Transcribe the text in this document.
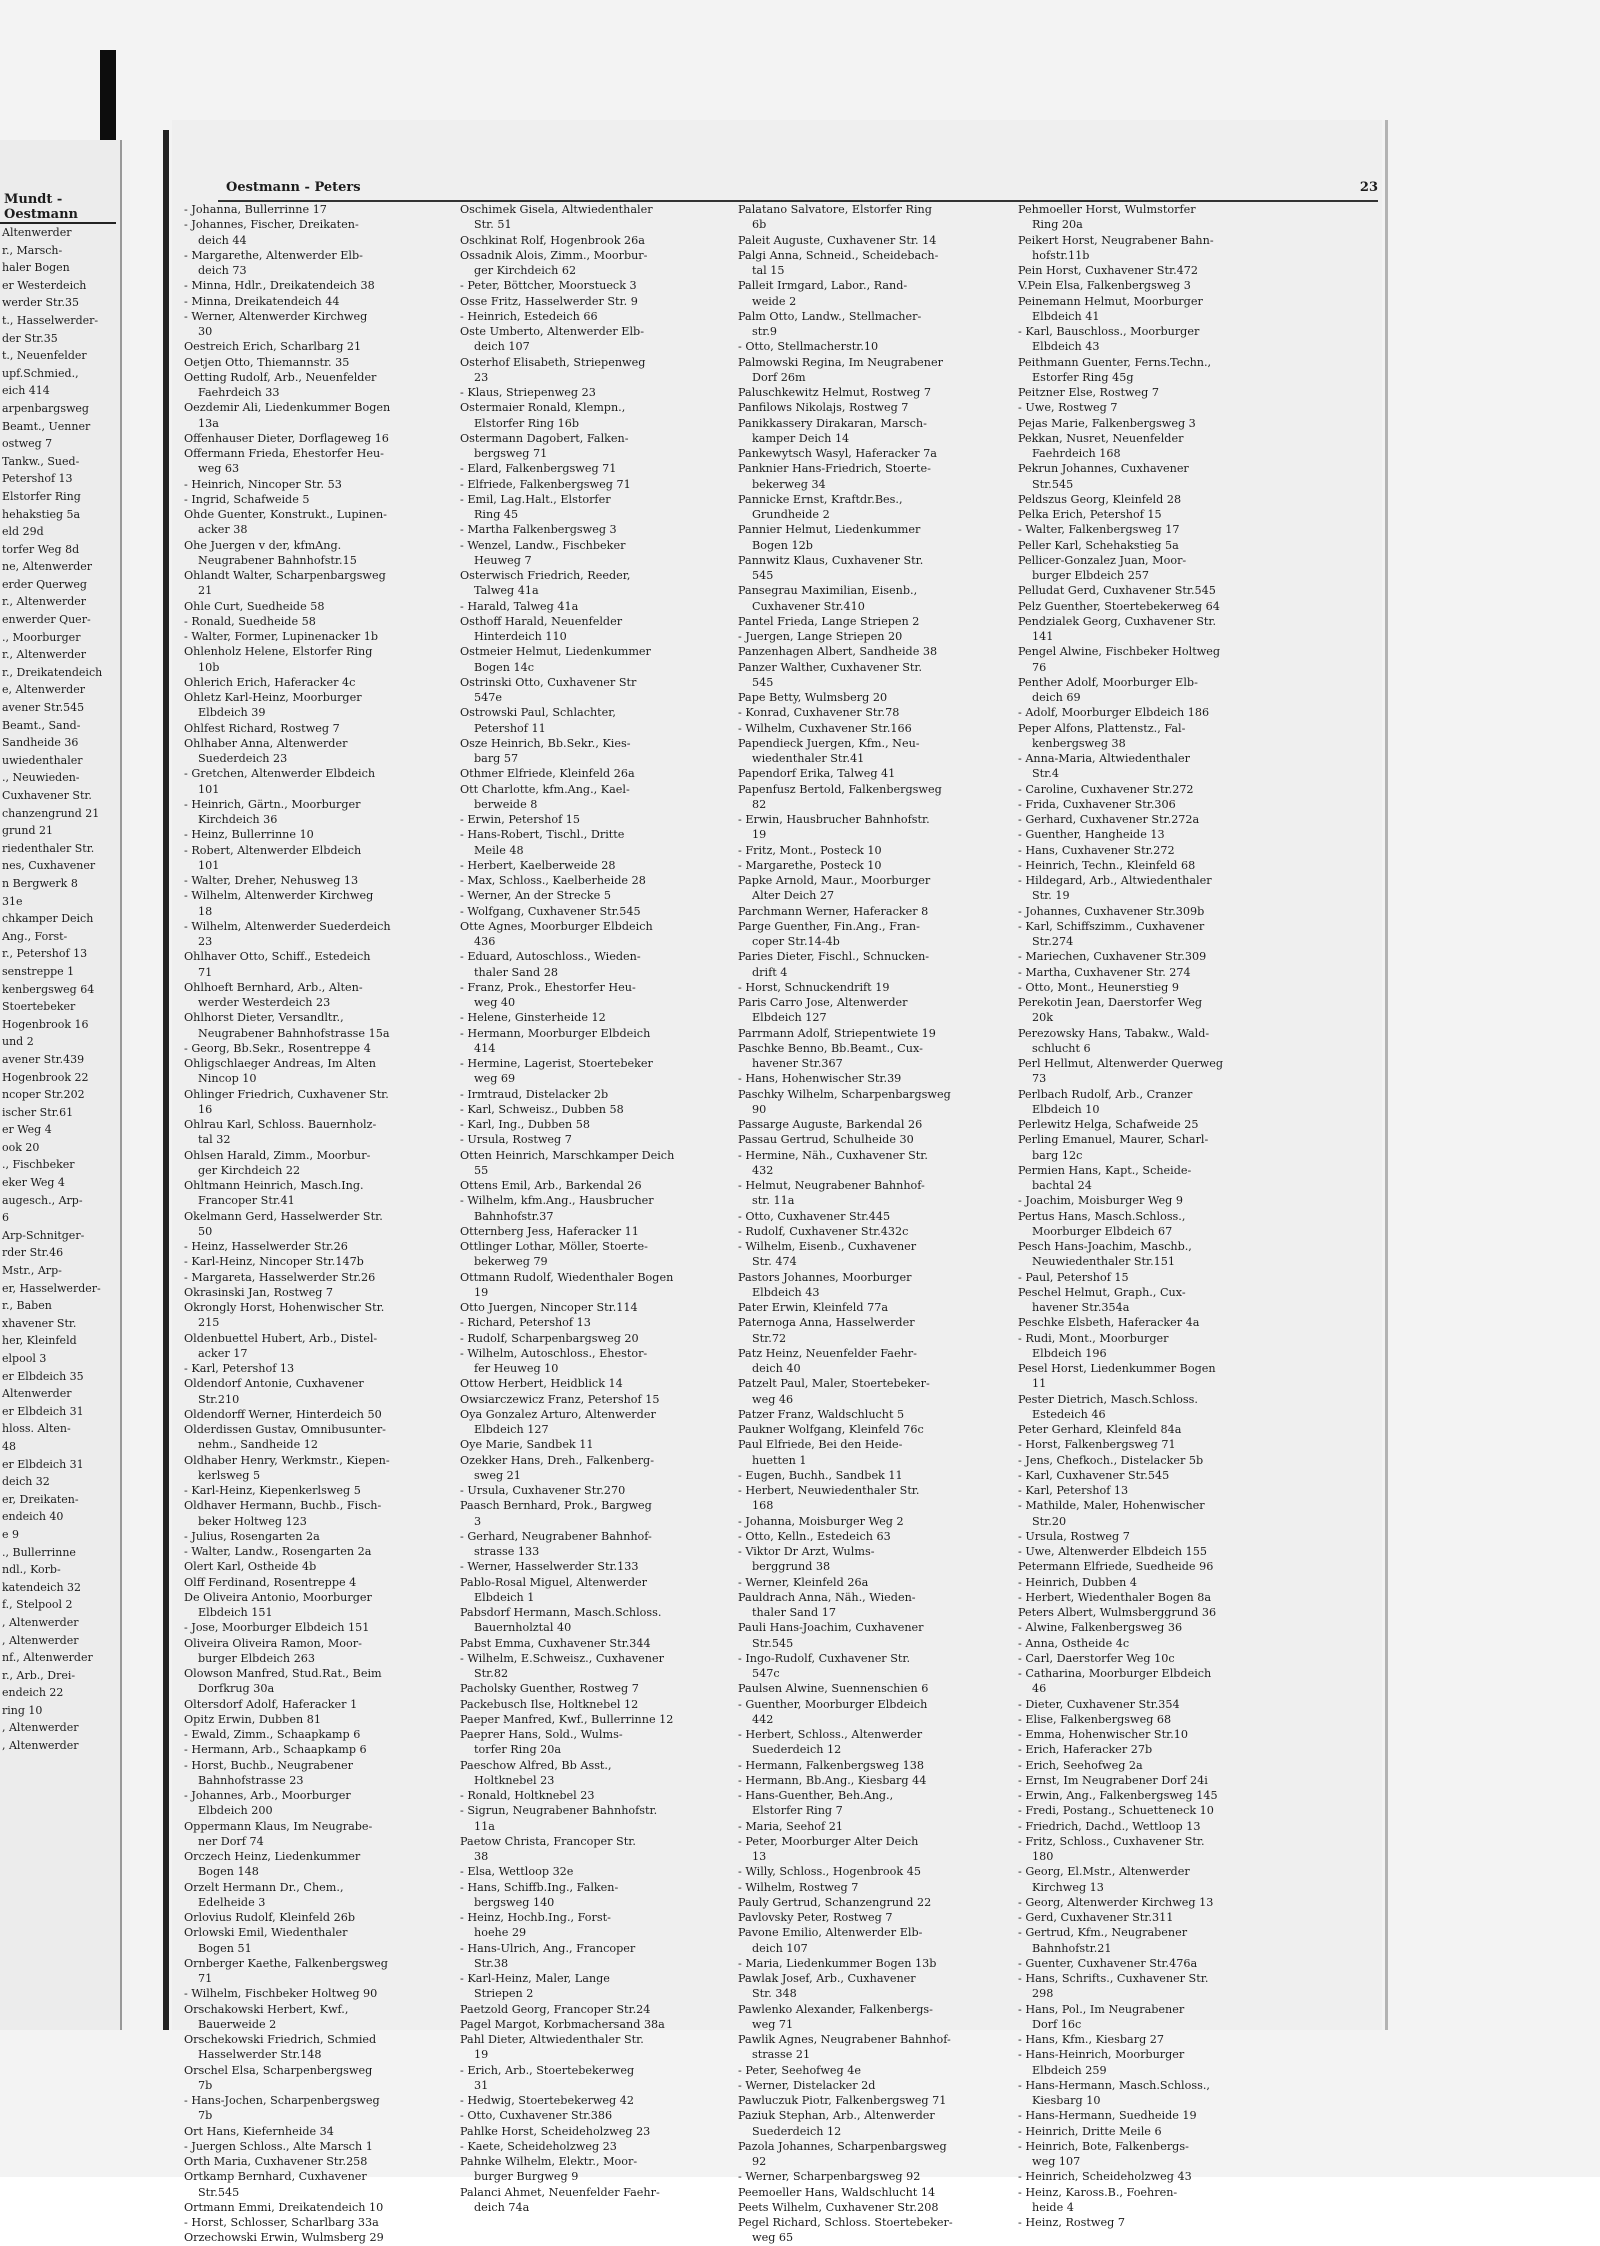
Mundt - Oestmann
Altenwerder
r., Marsch-
haler Bogen
er Westerdeich
werder Str.35
t., Hasselwerder-
der Str.35
t., Neuenfelder
upf.Schmied.,
eich 414
arpenbargsweg
Beamt., Uenner
ostweg 7
Tankw., Sued-
Petershof 13
Elstorfer Ring
hehakstieg 5a
eld 29d
torfer Weg 8d
ne, Altenwerder
erder Querweg
r., Altenwerder
enwerder Quer-
., Moorburger
r., Altenwerder
r., Dreikatendeich
e, Altenwerder
avener Str.545
Beamt., Sand-
Sandheide 36
uwiedenthaler
., Neuwieden-
Cuxhavener Str.
chanzengrund 21
grund 21
riedenthaler Str.
nes, Cuxhavener
n Bergwerk 8
31e
chkamper Deich
Ang., Forst-
r., Petershof 13
senstreppe 1
kenbergsweg 64
Stoertebeker
Hogenbrook 16
und 2
avener Str.439
Hogenbrook 22
ncoper Str.202
ischer Str.61
er Weg 4
ook 20
., Fischbeker
eker Weg 4
augesch., Arp-
6
Arp-Schnitger-
rder Str.46
Mstr., Arp-
er, Hasselwerder-
r., Baben
xhavener Str.
her, Kleinfeld
elpool 3
er Elbdeich 35
Altenwerder
er Elbdeich 31
hloss. Alten-
48
er Elbdeich 31
deich 32
er, Dreikaten-
endeich 40
e 9
., Bullerrinne
ndl., Korb-
katendeich 32
f., Stelpool 2
, Altenwerder
, Altenwerder
nf., Altenwerder
r., Arb., Drei-
endeich 22
ring 10
, Altenwerder
, Altenwerder
Oestmann - Peters	23
- Johanna, Bullerrinne 17
- Johannes, Fischer, Dreikaten-
deich 44
- Margarethe, Altenwerder Elb-
deich 73
- Minna, Hdlr., Dreikatendeich 38
- Minna, Dreikatendeich 44
- Werner, Altenwerder Kirchweg
30
Oestreich Erich, Scharlbarg 21
Oetjen Otto, Thiemannstr. 35
Oetting Rudolf, Arb., Neuenfelder
Faehrdeich 33
Oezdemir Ali, Liedenkummer Bogen
13a
Offenhauser Dieter, Dorflageweg 16
Offermann Frieda, Ehestorfer Heu-
weg 63
- Heinrich, Nincoper Str. 53
- Ingrid, Schafweide 5
Ohde Guenter, Konstrukt., Lupinen-
acker 38
Ohe Juergen v der, kfmAng.
Neugrabener Bahnhofstr.15
Ohlandt Walter, Scharpenbargsweg
21
Ohle Curt, Suedheide 58
- Ronald, Suedheide 58
- Walter, Former, Lupinenacker 1b
Ohlenholz Helene, Elstorfer Ring
10b
Ohlerich Erich, Haferacker 4c
Ohletz Karl-Heinz, Moorburger
Elbdeich 39
Ohlfest Richard, Rostweg 7
Ohlhaber Anna, Altenwerder
Suederdeich 23
- Gretchen, Altenwerder Elbdeich
101
- Heinrich, Gärtn., Moorburger
Kirchdeich 36
- Heinz, Bullerrinne 10
- Robert, Altenwerder Elbdeich
101
- Walter, Dreher, Nehusweg 13
- Wilhelm, Altenwerder Kirchweg
18
- Wilhelm, Altenwerder Suederdeich
23
Ohlhaver Otto, Schiff., Estedeich
71
Ohlhoeft Bernhard, Arb., Alten-
werder Westerdeich 23
Ohlhorst Dieter, Versandltr.,
Neugrabener Bahnhofstrasse 15a
- Georg, Bb.Sekr., Rosentreppe 4
Ohligschlaeger Andreas, Im Alten
Nincop 10
Ohlinger Friedrich, Cuxhavener Str.
16
Ohlrau Karl, Schloss. Bauernholz-
tal 32
Ohlsen Harald, Zimm., Moorbur-
ger Kirchdeich 22
Ohltmann Heinrich, Masch.Ing.
Francoper Str.41
Okelmann Gerd, Hasselwerder Str.
50
- Heinz, Hasselwerder Str.26
- Karl-Heinz, Nincoper Str.147b
- Margareta, Hasselwerder Str.26
Okrasinski Jan, Rostweg 7
Okrongly Horst, Hohenwischer Str.
215
Oldenbuettel Hubert, Arb., Distel-
acker 17
- Karl, Petershof 13
Oldendorf Antonie, Cuxhavener
Str.210
Oldendorff Werner, Hinterdeich 50
Olderdissen Gustav, Omnibusunter-
nehm., Sandheide 12
Oldhaber Henry, Werkmstr., Kiepen-
kerlsweg 5
- Karl-Heinz, Kiepenkerlsweg 5
Oldhaver Hermann, Buchb., Fisch-
beker Holtweg 123
- Julius, Rosengarten 2a
- Walter, Landw., Rosengarten 2a
Olert Karl, Ostheide 4b
Olff Ferdinand, Rosentreppe 4
De Oliveira Antonio, Moorburger
Elbdeich 151
- Jose, Moorburger Elbdeich 151
Oliveira Oliveira Ramon, Moor-
burger Elbdeich 263
Olowson Manfred, Stud.Rat., Beim
Dorfkrug 30a
Oltersdorf Adolf, Haferacker 1
Opitz Erwin, Dubben 81
- Ewald, Zimm., Schaapkamp 6
- Hermann, Arb., Schaapkamp 6
- Horst, Buchb., Neugrabener
Bahnhofstrasse 23
- Johannes, Arb., Moorburger
Elbdeich 200
Oppermann Klaus, Im Neugrabe-
ner Dorf 74
Orczech Heinz, Liedenkummer
Bogen 148
Orzelt Hermann Dr., Chem.,
Edelheide 3
Orlovius Rudolf, Kleinfeld 26b
Orlowski Emil, Wiedenthaler
Bogen 51
Ornberger Kaethe, Falkenbergsweg
71
- Wilhelm, Fischbeker Holtweg 90
Orschakowski Herbert, Kwf.,
Bauerweide 2
Orschekowski Friedrich, Schmied
Hasselwerder Str.148
Orschel Elsa, Scharpenbergsweg
7b
- Hans-Jochen, Scharpenbergsweg
7b
Ort Hans, Kiefernheide 34
- Juergen Schloss., Alte Marsch 1
Orth Maria, Cuxhavener Str.258
Ortkamp Bernhard, Cuxhavener
Str.545
Ortmann Emmi, Dreikatendeich 10
- Horst, Schlosser, Scharlbarg 33a
Orzechowski Erwin, Wulmsberg 29
Oschimek Gisela, Altwiedenthaler
Str. 51
Oschkinat Rolf, Hogenbrook 26a
Ossadnik Alois, Zimm., Moorbur-
ger Kirchdeich 62
- Peter, Böttcher, Moorstueck 3
Osse Fritz, Hasselwerder Str. 9
- Heinrich, Estedeich 66
Oste Umberto, Altenwerder Elb-
deich 107
Osterhof Elisabeth, Striepenweg
23
- Klaus, Striepenweg 23
Ostermaier Ronald, Klempn.,
Elstorfer Ring 16b
Ostermann Dagobert, Falken-
bergsweg 71
- Elard, Falkenbergsweg 71
- Elfriede, Falkenbergsweg 71
- Emil, Lag.Halt., Elstorfer
Ring 45
- Martha Falkenbergsweg 3
- Wenzel, Landw., Fischbeker
Heuweg 7
Osterwisch Friedrich, Reeder,
Talweg 41a
- Harald, Talweg 41a
Osthoff Harald, Neuenfelder
Hinterdeich 110
Ostmeier Helmut, Liedenkummer
Bogen 14c
Ostrinski Otto, Cuxhavener Str
547e
Ostrowski Paul, Schlachter,
Petershof 11
Osze Heinrich, Bb.Sekr., Kies-
barg 57
Othmer Elfriede, Kleinfeld 26a
Ott Charlotte, kfm.Ang., Kael-
berweide 8
- Erwin, Petershof 15
- Hans-Robert, Tischl., Dritte
Meile 48
- Herbert, Kaelberweide 28
- Max, Schloss., Kaelberheide 28
- Werner, An der Strecke 5
- Wolfgang, Cuxhavener Str.545
Otte Agnes, Moorburger Elbdeich
436
- Eduard, Autoschloss., Wieden-
thaler Sand 28
- Franz, Prok., Ehestorfer Heu-
weg 40
- Helene, Ginsterheide 12
- Hermann, Moorburger Elbdeich
414
- Hermine, Lagerist, Stoertebeker
weg 69
- Irmtraud, Distelacker 2b
- Karl, Schweisz., Dubben 58
- Karl, Ing., Dubben 58
- Ursula, Rostweg 7
Otten Heinrich, Marschkamper Deich
55
Ottens Emil, Arb., Barkendal 26
- Wilhelm, kfm.Ang., Hausbrucher
Bahnhofstr.37
Otternberg Jess, Haferacker 11
Ottlinger Lothar, Möller, Stoerte-
bekerweg 79
Ottmann Rudolf, Wiedenthaler Bogen
19
Otto Juergen, Nincoper Str.114
- Richard, Petershof 13
- Rudolf, Scharpenbargsweg 20
- Wilhelm, Autoschloss., Ehestor-
fer Heuweg 10
Ottow Herbert, Heidblick 14
Owsiarczewicz Franz, Petershof 15
Oya Gonzalez Arturo, Altenwerder
Elbdeich 127
Oye Marie, Sandbek 11
Ozekker Hans, Dreh., Falkenberg-
sweg 21
- Ursula, Cuxhavener Str.270
Paasch Bernhard, Prok., Bargweg
3
- Gerhard, Neugrabener Bahnhof-
strasse 133
- Werner, Hasselwerder Str.133
Pablo-Rosal Miguel, Altenwerder
Elbdeich 1
Pabsdorf Hermann, Masch.Schloss.
Bauernholztal 40
Pabst Emma, Cuxhavener Str.344
- Wilhelm, E.Schweisz., Cuxhavener
Str.82
Pacholsky Guenther, Rostweg 7
Packebusch Ilse, Holtknebel 12
Paeper Manfred, Kwf., Bullerrinne 12
Paeprer Hans, Sold., Wulms-
torfer Ring 20a
Paeschow Alfred, Bb Asst.,
Holtknebel 23
- Ronald, Holtknebel 23
- Sigrun, Neugrabener Bahnhofstr.
11a
Paetow Christa, Francoper Str.
38
- Elsa, Wettloop 32e
- Hans, Schiffb.Ing., Falken-
bergsweg 140
- Heinz, Hochb.Ing., Forst-
hoehe 29
- Hans-Ulrich, Ang., Francoper
Str.38
- Karl-Heinz, Maler, Lange
Striepen 2
Paetzold Georg, Francoper Str.24
Pagel Margot, Korbmachersand 38a
Pahl Dieter, Altwiedenthaler Str.
19
- Erich, Arb., Stoertebekerweg
31
- Hedwig, Stoertebekerweg 42
- Otto, Cuxhavener Str.386
Pahlke Horst, Scheideholzweg 23
- Kaete, Scheideholzweg 23
Pahnke Wilhelm, Elektr., Moor-
burger Burgweg 9
Palanci Ahmet, Neuenfelder Faehr-
deich 74a
Palatano Salvatore, Elstorfer Ring
6b
Paleit Auguste, Cuxhavener Str. 14
Palgi Anna, Schneid., Scheidebach-
tal 15
Palleit Irmgard, Labor., Rand-
weide 2
Palm Otto, Landw., Stellmacher-
str.9
- Otto, Stellmacherstr.10
Palmowski Regina, Im Neugrabener
Dorf 26m
Paluschkewitz Helmut, Rostweg 7
Panfilows Nikolajs, Rostweg 7
Panikkassery Dirakaran, Marsch-
kamper Deich 14
Pankewytsch Wasyl, Haferacker 7a
Panknier Hans-Friedrich, Stoerte-
bekerweg 34
Pannicke Ernst, Kraftdr.Bes.,
Grundheide 2
Pannier Helmut, Liedenkummer
Bogen 12b
Pannwitz Klaus, Cuxhavener Str.
545
Pansegrau Maximilian, Eisenb.,
Cuxhavener Str.410
Pantel Frieda, Lange Striepen 2
- Juergen, Lange Striepen 20
Panzenhagen Albert, Sandheide 38
Panzer Walther, Cuxhavener Str.
545
Pape Betty, Wulmsberg 20
- Konrad, Cuxhavener Str.78
- Wilhelm, Cuxhavener Str.166
Papendieck Juergen, Kfm., Neu-
wiedenthaler Str.41
Papendorf Erika, Talweg 41
Papenfusz Bertold, Falkenbergsweg
82
- Erwin, Hausbrucher Bahnhofstr.
19
- Fritz, Mont., Posteck 10
- Margarethe, Posteck 10
Papke Arnold, Maur., Moorburger
Alter Deich 27
Parchmann Werner, Haferacker 8
Parge Guenther, Fin.Ang., Fran-
coper Str.14-4b
Paries Dieter, Fischl., Schnucken-
drift 4
- Horst, Schnuckendrift 19
Paris Carro Jose, Altenwerder
Elbdeich 127
Parrmann Adolf, Striepentwiete 19
Paschke Benno, Bb.Beamt., Cux-
havener Str.367
- Hans, Hohenwischer Str.39
Paschky Wilhelm, Scharpenbargsweg
90
Passarge Auguste, Barkendal 26
Passau Gertrud, Schulheide 30
- Hermine, Näh., Cuxhavener Str.
432
- Helmut, Neugrabener Bahnhof-
str. 11a
- Otto, Cuxhavener Str.445
- Rudolf, Cuxhavener Str.432c
- Wilhelm, Eisenb., Cuxhavener
Str. 474
Pastors Johannes, Moorburger
Elbdeich 43
Pater Erwin, Kleinfeld 77a
Paternoga Anna, Hasselwerder
Str.72
Patz Heinz, Neuenfelder Faehr-
deich 40
Patzelt Paul, Maler, Stoertebeker-
weg 46
Patzer Franz, Waldschlucht 5
Paukner Wolfgang, Kleinfeld 76c
Paul Elfriede, Bei den Heide-
huetten 1
- Eugen, Buchh., Sandbek 11
- Herbert, Neuwiedenthaler Str.
168
- Johanna, Moisburger Weg 2
- Otto, Kelln., Estedeich 63
- Viktor Dr Arzt, Wulms-
berggrund 38
- Werner, Kleinfeld 26a
Pauldrach Anna, Näh., Wieden-
thaler Sand 17
Pauli Hans-Joachim, Cuxhavener
Str.545
- Ingo-Rudolf, Cuxhavener Str.
547c
Paulsen Alwine, Suennenschien 6
- Guenther, Moorburger Elbdeich
442
- Herbert, Schloss., Altenwerder
Suederdeich 12
- Hermann, Falkenbergsweg 138
- Hermann, Bb.Ang., Kiesbarg 44
- Hans-Guenther, Beh.Ang.,
Elstorfer Ring 7
- Maria, Seehof 21
- Peter, Moorburger Alter Deich
13
- Willy, Schloss., Hogenbrook 45
- Wilhelm, Rostweg 7
Pauly Gertrud, Schanzengrund 22
Pavlovsky Peter, Rostweg 7
Pavone Emilio, Altenwerder Elb-
deich 107
- Maria, Liedenkummer Bogen 13b
Pawlak Josef, Arb., Cuxhavener
Str. 348
Pawlenko Alexander, Falkenbergs-
weg 71
Pawlik Agnes, Neugrabener Bahnhof-
strasse 21
- Peter, Seehofweg 4e
- Werner, Distelacker 2d
Pawluczuk Piotr, Falkenbergsweg 71
Paziuk Stephan, Arb., Altenwerder
Suederdeich 12
Pazola Johannes, Scharpenbargsweg
92
- Werner, Scharpenbargsweg 92
Peemoeller Hans, Waldschlucht 14
Peets Wilhelm, Cuxhavener Str.208
Pegel Richard, Schloss. Stoertebeker-
weg 65
Pehmoeller Horst, Wulmstorfer
Ring 20a
Peikert Horst, Neugrabener Bahn-
hofstr.11b
Pein Horst, Cuxhavener Str.472
V.Pein Elsa, Falkenbergsweg 3
Peinemann Helmut, Moorburger
Elbdeich 41
- Karl, Bauschloss., Moorburger
Elbdeich 43
Peithmann Guenter, Ferns.Techn.,
Estorfer Ring 45g
Peitzner Else, Rostweg 7
- Uwe, Rostweg 7
Pejas Marie, Falkenbergsweg 3
Pekkan, Nusret, Neuenfelder
Faehrdeich 168
Pekrun Johannes, Cuxhavener
Str.545
Peldszus Georg, Kleinfeld 28
Pelka Erich, Petershof 15
- Walter, Falkenbergsweg 17
Peller Karl, Schehakstieg 5a
Pellicer-Gonzalez Juan, Moor-
burger Elbdeich 257
Pelludat Gerd, Cuxhavener Str.545
Pelz Guenther, Stoertebekerweg 64
Pendzialek Georg, Cuxhavener Str.
141
Pengel Alwine, Fischbeker Holtweg
76
Penther Adolf, Moorburger Elb-
deich 69
- Adolf, Moorburger Elbdeich 186
Peper Alfons, Plattenstz., Fal-
kenbergsweg 38
- Anna-Maria, Altwiedenthaler
Str.4
- Caroline, Cuxhavener Str.272
- Frida, Cuxhavener Str.306
- Gerhard, Cuxhavener Str.272a
- Guenther, Hangheide 13
- Hans, Cuxhavener Str.272
- Heinrich, Techn., Kleinfeld 68
- Hildegard, Arb., Altwiedenthaler
Str. 19
- Johannes, Cuxhavener Str.309b
- Karl, Schiffszimm., Cuxhavener
Str.274
- Mariechen, Cuxhavener Str.309
- Martha, Cuxhavener Str. 274
- Otto, Mont., Heunerstieg 9
Perekotin Jean, Daerstorfer Weg
20k
Perezowsky Hans, Tabakw., Wald-
schlucht 6
Perl Hellmut, Altenwerder Querweg
73
Perlbach Rudolf, Arb., Cranzer
Elbdeich 10
Perlewitz Helga, Schafweide 25
Perling Emanuel, Maurer, Scharl-
barg 12c
Permien Hans, Kapt., Scheide-
bachtal 24
- Joachim, Moisburger Weg 9
Pertus Hans, Masch.Schloss.,
Moorburger Elbdeich 67
Pesch Hans-Joachim, Maschb.,
Neuwiedenthaler Str.151
- Paul, Petershof 15
Peschel Helmut, Graph., Cux-
havener Str.354a
Peschke Elsbeth, Haferacker 4a
- Rudi, Mont., Moorburger
Elbdeich 196
Pesel Horst, Liedenkummer Bogen
11
Pester Dietrich, Masch.Schloss.
Estedeich 46
Peter Gerhard, Kleinfeld 84a
- Horst, Falkenbergsweg 71
- Jens, Chefkoch., Distelacker 5b
- Karl, Cuxhavener Str.545
- Karl, Petershof 13
- Mathilde, Maler, Hohenwischer
Str.20
- Ursula, Rostweg 7
- Uwe, Altenwerder Elbdeich 155
Petermann Elfriede, Suedheide 96
- Heinrich, Dubben 4
- Herbert, Wiedenthaler Bogen 8a
Peters Albert, Wulmsberggrund 36
- Alwine, Falkenbergsweg 36
- Anna, Ostheide 4c
- Carl, Daerstorfer Weg 10c
- Catharina, Moorburger Elbdeich
46
- Dieter, Cuxhavener Str.354
- Elise, Falkenbergsweg 68
- Emma, Hohenwischer Str.10
- Erich, Haferacker 27b
- Erich, Seehofweg 2a
- Ernst, Im Neugrabener Dorf 24i
- Erwin, Ang., Falkenbergsweg 145
- Fredi, Postang., Schuetteneck 10
- Friedrich, Dachd., Wettloop 13
- Fritz, Schloss., Cuxhavener Str.
180
- Georg, El.Mstr., Altenwerder
Kirchweg 13
- Georg, Altenwerder Kirchweg 13
- Gerd, Cuxhavener Str.311
- Gertrud, Kfm., Neugrabener
Bahnhofstr.21
- Guenter, Cuxhavener Str.476a
- Hans, Schrifts., Cuxhavener Str.
298
- Hans, Pol., Im Neugrabener
Dorf 16c
- Hans, Kfm., Kiesbarg 27
- Hans-Heinrich, Moorburger
Elbdeich 259
- Hans-Hermann, Masch.Schloss.,
Kiesbarg 10
- Hans-Hermann, Suedheide 19
- Heinrich, Dritte Meile 6
- Heinrich, Bote, Falkenbergs-
weg 107
- Heinrich, Scheideholzweg 43
- Heinz, Kaross.B., Foehren-
heide 4
- Heinz, Rostweg 7
